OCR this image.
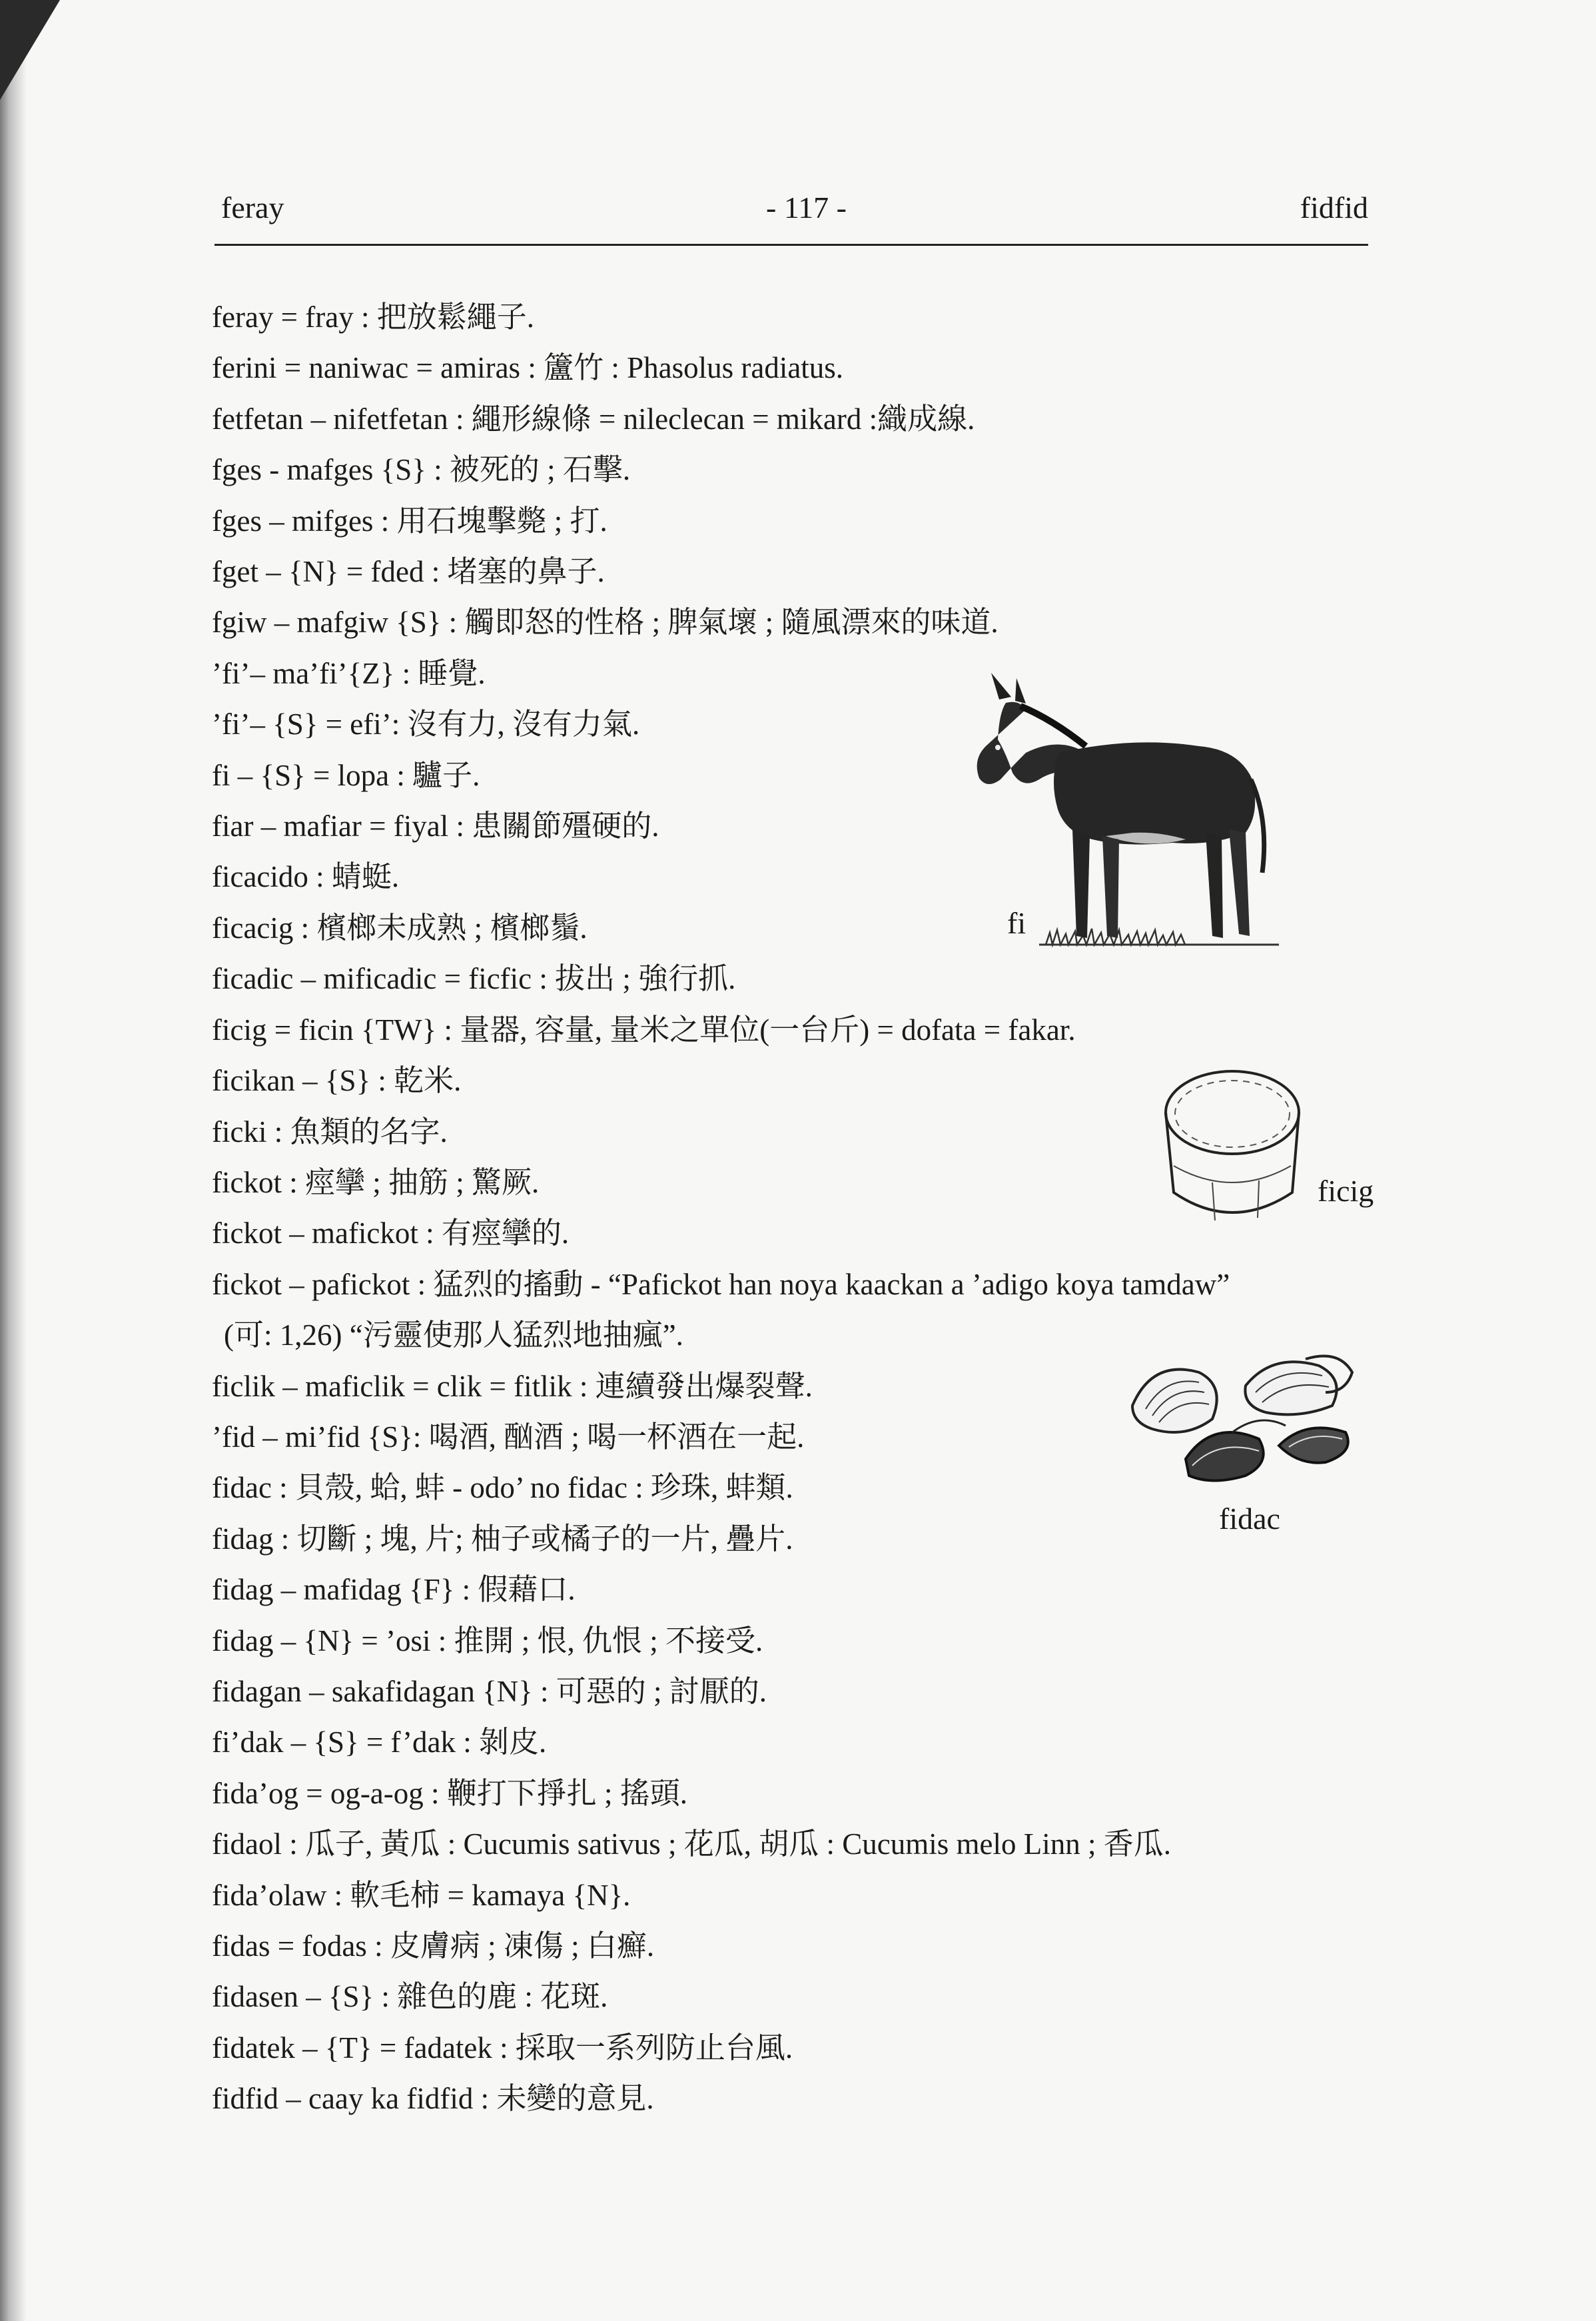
feray	- 117 -	fidfid
feray = fray : 把放鬆繩子.
ferini = naniwac = amiras : 籚竹 : Phasolus radiatus.
fetfetan – nifetfetan : 繩形線條 = nileclecan = mikard :織成線.
fges - mafges {S} : 被死的 ; 石擊.
fges – mifges : 用石塊擊斃 ; 打.
fget – {N} = fded : 堵塞的鼻子.
fgiw – mafgiw {S} : 觸即怒的性格 ; 脾氣壞 ; 隨風漂來的味道.
’fi’– ma’fi’{Z} : 睡覺.
’fi’– {S} = efi’: 沒有力, 沒有力氣.
fi – {S} = lopa : 驢子.
fiar – mafiar = fiyal : 患關節殭硬的.
ficacido : 蜻蜓.
ficacig : 檳榔未成熟 ; 檳榔鬚.
ficadic – mificadic = ficfic : 拔出 ; 強行抓.
ficig = ficin {TW} : 量器, 容量, 量米之單位(一台斤) = dofata = fakar.
ficikan – {S} : 乾米.
ficki : 魚類的名字.
fickot : 痙攣 ; 抽筋 ; 驚厥.
fickot – mafickot : 有痙攣的.
fickot – pafickot : 猛烈的搐動 - “Pafickot han noya kaackan a ’adigo koya tamdaw”
(可: 1,26) “污靈使那人猛烈地抽瘋”.
ficlik – maficlik = clik = fitlik : 連續發出爆裂聲.
’fid – mi’fid {S}: 喝酒, 酗酒 ; 喝一杯酒在一起.
fidac : 貝殼, 蛤, 蚌 - odo’ no fidac : 珍珠, 蚌類.
fidag : 切斷 ; 塊, 片; 柚子或橘子的一片, 疊片.
fidag – mafidag {F} : 假藉口.
fidag – {N} = ’osi : 推開 ; 恨, 仇恨 ; 不接受.
fidagan – sakafidagan {N} : 可惡的 ; 討厭的.
fi’dak – {S} = f’dak : 剝皮.
fida’og = og-a-og : 鞭打下掙扎 ; 搖頭.
fidaol : 瓜子, 黃瓜 : Cucumis sativus ; 花瓜, 胡瓜 : Cucumis melo Linn ; 香瓜.
fida’olaw : 軟毛柿 = kamaya {N}.
fidas = fodas : 皮膚病 ; 凍傷 ; 白癬.
fidasen – {S} : 雜色的鹿 : 花斑.
fidatek – {T} = fadatek : 採取一系列防止台風.
fidfid – caay ka fidfid : 未變的意見.
fi
ficig
fidac
